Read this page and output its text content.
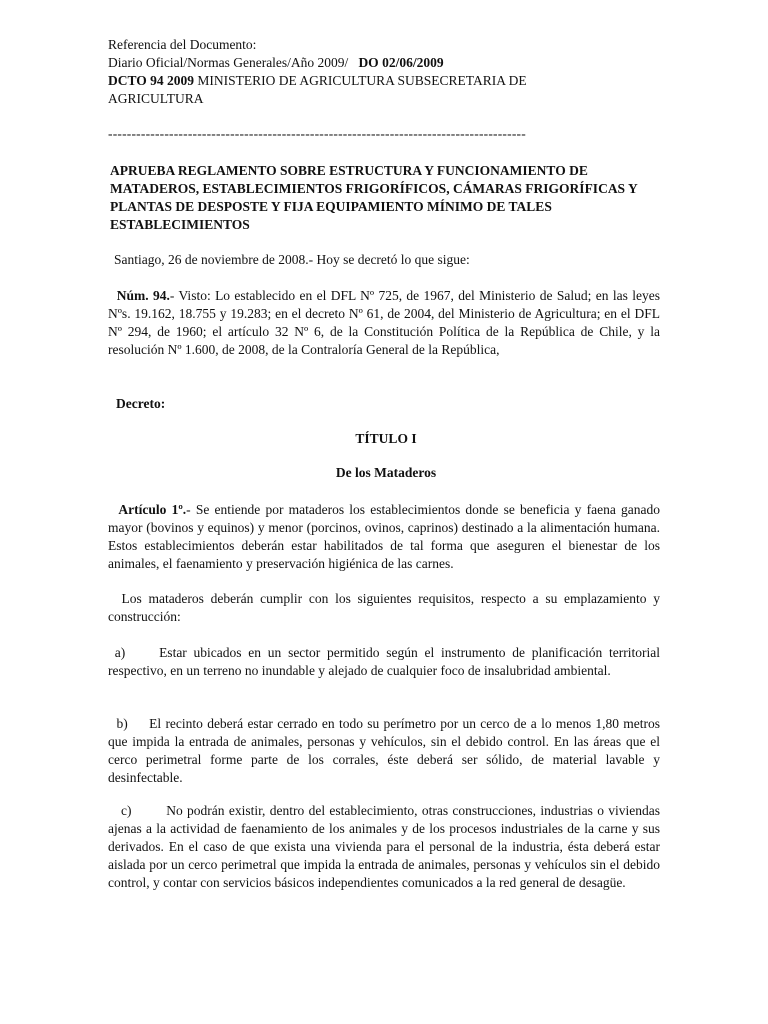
Referencia del Documento:
Diario Oficial/Normas Generales/Año 2009/ DO 02/06/2009
DCTO 94 2009 MINISTERIO DE AGRICULTURA SUBSECRETARIA DE
AGRICULTURA
-----------------------------------------------------------------------------------------
APRUEBA REGLAMENTO SOBRE ESTRUCTURA Y FUNCIONAMIENTO DE MATADEROS, ESTABLECIMIENTOS FRIGORÍFICOS, CÁMARAS FRIGORÍFICAS Y PLANTAS DE DESPOSTE Y FIJA EQUIPAMIENTO MÍNIMO DE TALES ESTABLECIMIENTOS
Santiago, 26 de noviembre de 2008.- Hoy se decretó lo que sigue:
Núm. 94.- Visto: Lo establecido en el DFL Nº 725, de 1967, del Ministerio de Salud; en las leyes Nºs. 19.162, 18.755 y 19.283; en el decreto Nº 61, de 2004, del Ministerio de Agricultura; en el DFL Nº 294, de 1960; el artículo 32 Nº 6, de la Constitución Política de la República de Chile, y la resolución Nº 1.600, de 2008, de la Contraloría General de la República,
Decreto:
TÍTULO I
De los Mataderos
Artículo 1º.- Se entiende por mataderos los establecimientos donde se beneficia y faena ganado mayor (bovinos y equinos) y menor (porcinos, ovinos, caprinos) destinado a la alimentación humana. Estos establecimientos deberán estar habilitados de tal forma que aseguren el bienestar de los animales, el faenamiento y preservación higiénica de las carnes.
Los mataderos deberán cumplir con los siguientes requisitos, respecto a su emplazamiento y construcción:
a)	Estar ubicados en un sector permitido según el instrumento de planificación territorial respectivo, en un terreno no inundable y alejado de cualquier foco de insalubridad ambiental.
b) El recinto deberá estar cerrado en todo su perímetro por un cerco de a lo menos 1,80 metros que impida la entrada de animales, personas y vehículos, sin el debido control. En las áreas que el cerco perimetral forme parte de los corrales, éste deberá ser sólido, de material lavable y desinfectable.
c)	No podrán existir, dentro del establecimiento, otras construcciones, industrias o viviendas ajenas a la actividad de faenamiento de los animales y de los procesos industriales de la carne y sus derivados. En el caso de que exista una vivienda para el personal de la industria, ésta deberá estar aislada por un cerco perimetral que impida la entrada de animales, personas y vehículos sin el debido control, y contar con servicios básicos independientes comunicados a la red general de desagüe.
